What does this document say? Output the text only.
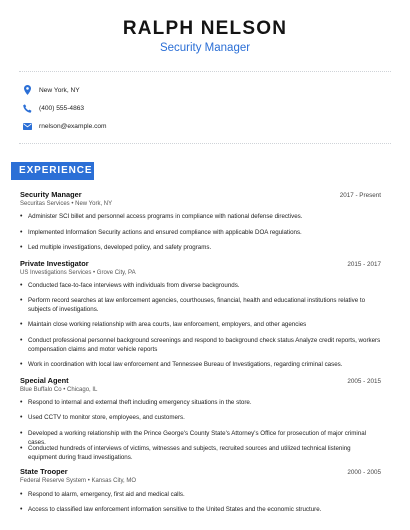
RALPH NELSON
Security Manager
New York, NY
(400) 555-4863
rnelson@example.com
EXPERIENCE
Security Manager	2017 - Present
Securitas Services • New York, NY
• Administer SCI billet and personnel access programs in compliance with national defense directives.
• Implemented Information Security actions and ensured compliance with applicable DOA regulations.
• Led multiple investigations, developed policy, and safety programs.
Private Investigator	2015 - 2017
US Investigations Services • Grove City, PA
• Conducted face-to-face interviews with individuals from diverse backgrounds.
• Perform record searches at law enforcement agencies, courthouses, financial, health and educational institutions relative to subjects of investigations.
• Maintain close working relationship with area courts, law enforcement, employers, and other agencies
• Conduct professional personnel background screenings and respond to background check status Analyze credit reports, workers compensation claims and motor vehicle reports
• Work in coordination with local law enforcement and Tennessee Bureau of Investigations, regarding criminal cases.
Special Agent	2005 - 2015
Blue Buffalo Co • Chicago, IL
• Respond to internal and external theft including emergency situations in the store.
• Used CCTV to monitor store, employees, and customers.
• Developed a working relationship with the Prince George's County State's Attorney's Office for prosecution of major criminal cases.
• Conducted hundreds of interviews of victims, witnesses and subjects, recruited sources and utilized technical listening equipment during fraud investigations.
State Trooper	2000 - 2005
Federal Reserve System • Kansas City, MO
• Respond to alarm, emergency, first aid and medical calls.
• Access to classified law enforcement information sensitive to the United States and the economic structure.
